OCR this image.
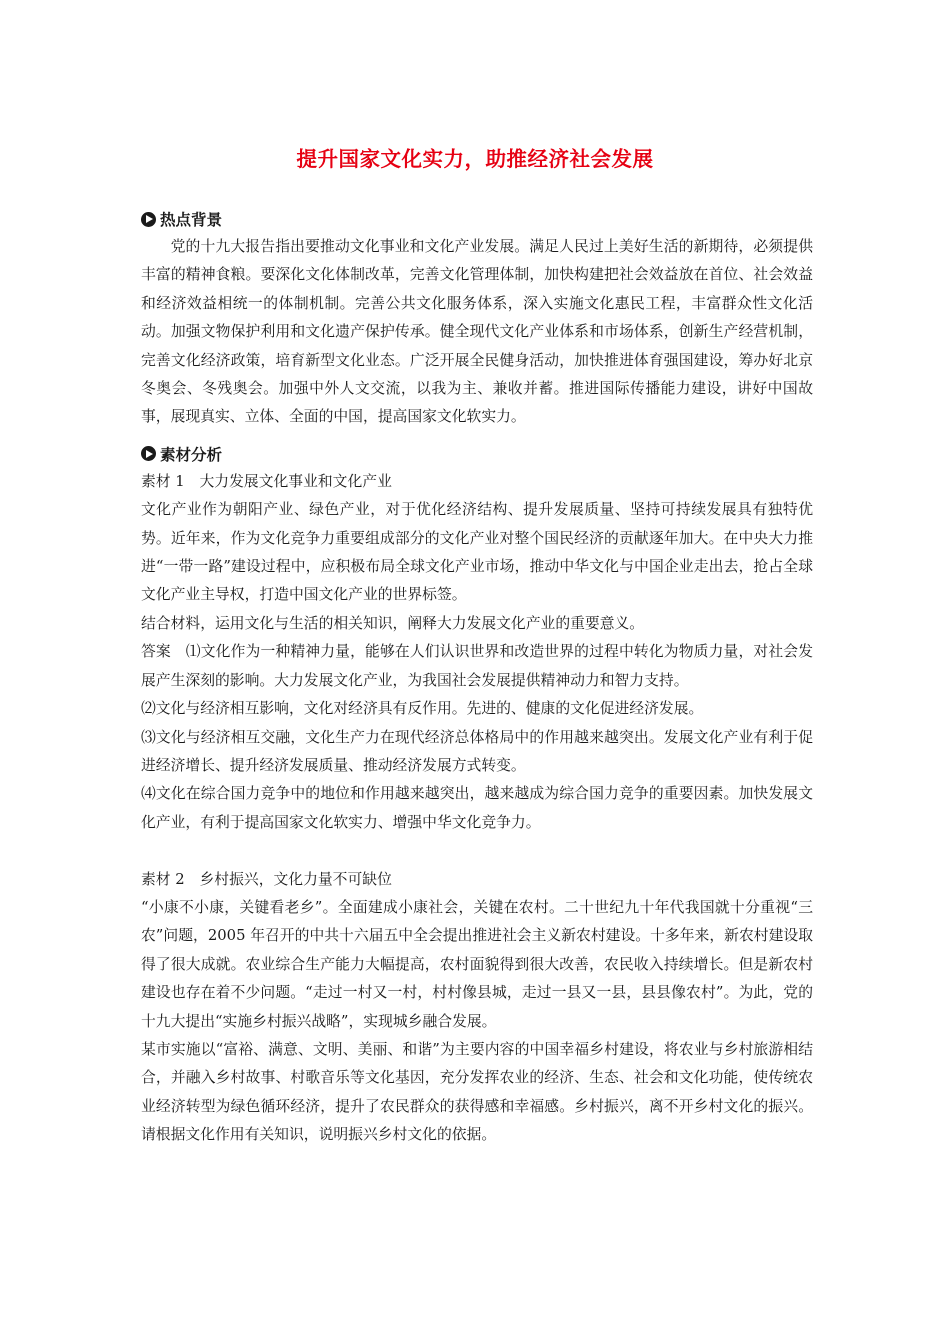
提升国家文化实力，助推经济社会发展
热点背景

党的十九大报告指出要推动文化事业和文化产业发展。满足人民过上美好生活的新期待，必须提供丰富的精神食粮。要深化文化体制改革，完善文化管理体制，加快构建把社会效益放在首位、社会效益和经济效益相统一的体制机制。完善公共文化服务体系，深入实施文化惠民工程，丰富群众性文化活动。加强文物保护利用和文化遗产保护传承。健全现代文化产业体系和市场体系，创新生产经营机制，完善文化经济政策，培育新型文化业态。广泛开展全民健身活动，加快推进体育强国建设，筹办好北京冬奥会、冬残奥会。加强中外人文交流，以我为主、兼收并蓄。推进国际传播能力建设，讲好中国故事，展现真实、立体、全面的中国，提高国家文化软实力。

素材分析

素材 1　大力发展文化事业和文化产业

文化产业作为朝阳产业、绿色产业，对于优化经济结构、提升发展质量、坚持可持续发展具有独特优势。近年来，作为文化竞争力重要组成部分的文化产业对整个国民经济的贡献逐年加大。在中央大力推进“一带一路”建设过程中，应积极布局全球文化产业市场，推动中华文化与中国企业走出去，抢占全球文化产业主导权，打造中国文化产业的世界标签。

结合材料，运用文化与生活的相关知识，阐释大力发展文化产业的重要意义。

答案　⑴文化作为一种精神力量，能够在人们认识世界和改造世界的过程中转化为物质力量，对社会发展产生深刻的影响。大力发展文化产业，为我国社会发展提供精神动力和智力支持。

⑵文化与经济相互影响，文化对经济具有反作用。先进的、健康的文化促进经济发展。

⑶文化与经济相互交融，文化生产力在现代经济总体格局中的作用越来越突出。发展文化产业有利于促进经济增长、提升经济发展质量、推动经济发展方式转变。

⑷文化在综合国力竞争中的地位和作用越来越突出，越来越成为综合国力竞争的重要因素。加快发展文化产业，有利于提高国家文化软实力、增强中华文化竞争力。

素材 2　乡村振兴，文化力量不可缺位

“小康不小康，关键看老乡”。全面建成小康社会，关键在农村。二十世纪九十年代我国就十分重视“三农”问题，2005 年召开的中共十六届五中全会提出推进社会主义新农村建设。十多年来，新农村建设取得了很大成就。农业综合生产能力大幅提高，农村面貌得到很大改善，农民收入持续增长。但是新农村建设也存在着不少问题。“走过一村又一村，村村像县城，走过一县又一县，县县像农村”。为此，党的十九大提出“实施乡村振兴战略”，实现城乡融合发展。

某市实施以“富裕、满意、文明、美丽、和谐”为主要内容的中国幸福乡村建设，将农业与乡村旅游相结合，并融入乡村故事、村歌音乐等文化基因，充分发挥农业的经济、生态、社会和文化功能，使传统农业经济转型为绿色循环经济，提升了农民群众的获得感和幸福感。乡村振兴，离不开乡村文化的振兴。请根据文化作用有关知识，说明振兴乡村文化的依据。
